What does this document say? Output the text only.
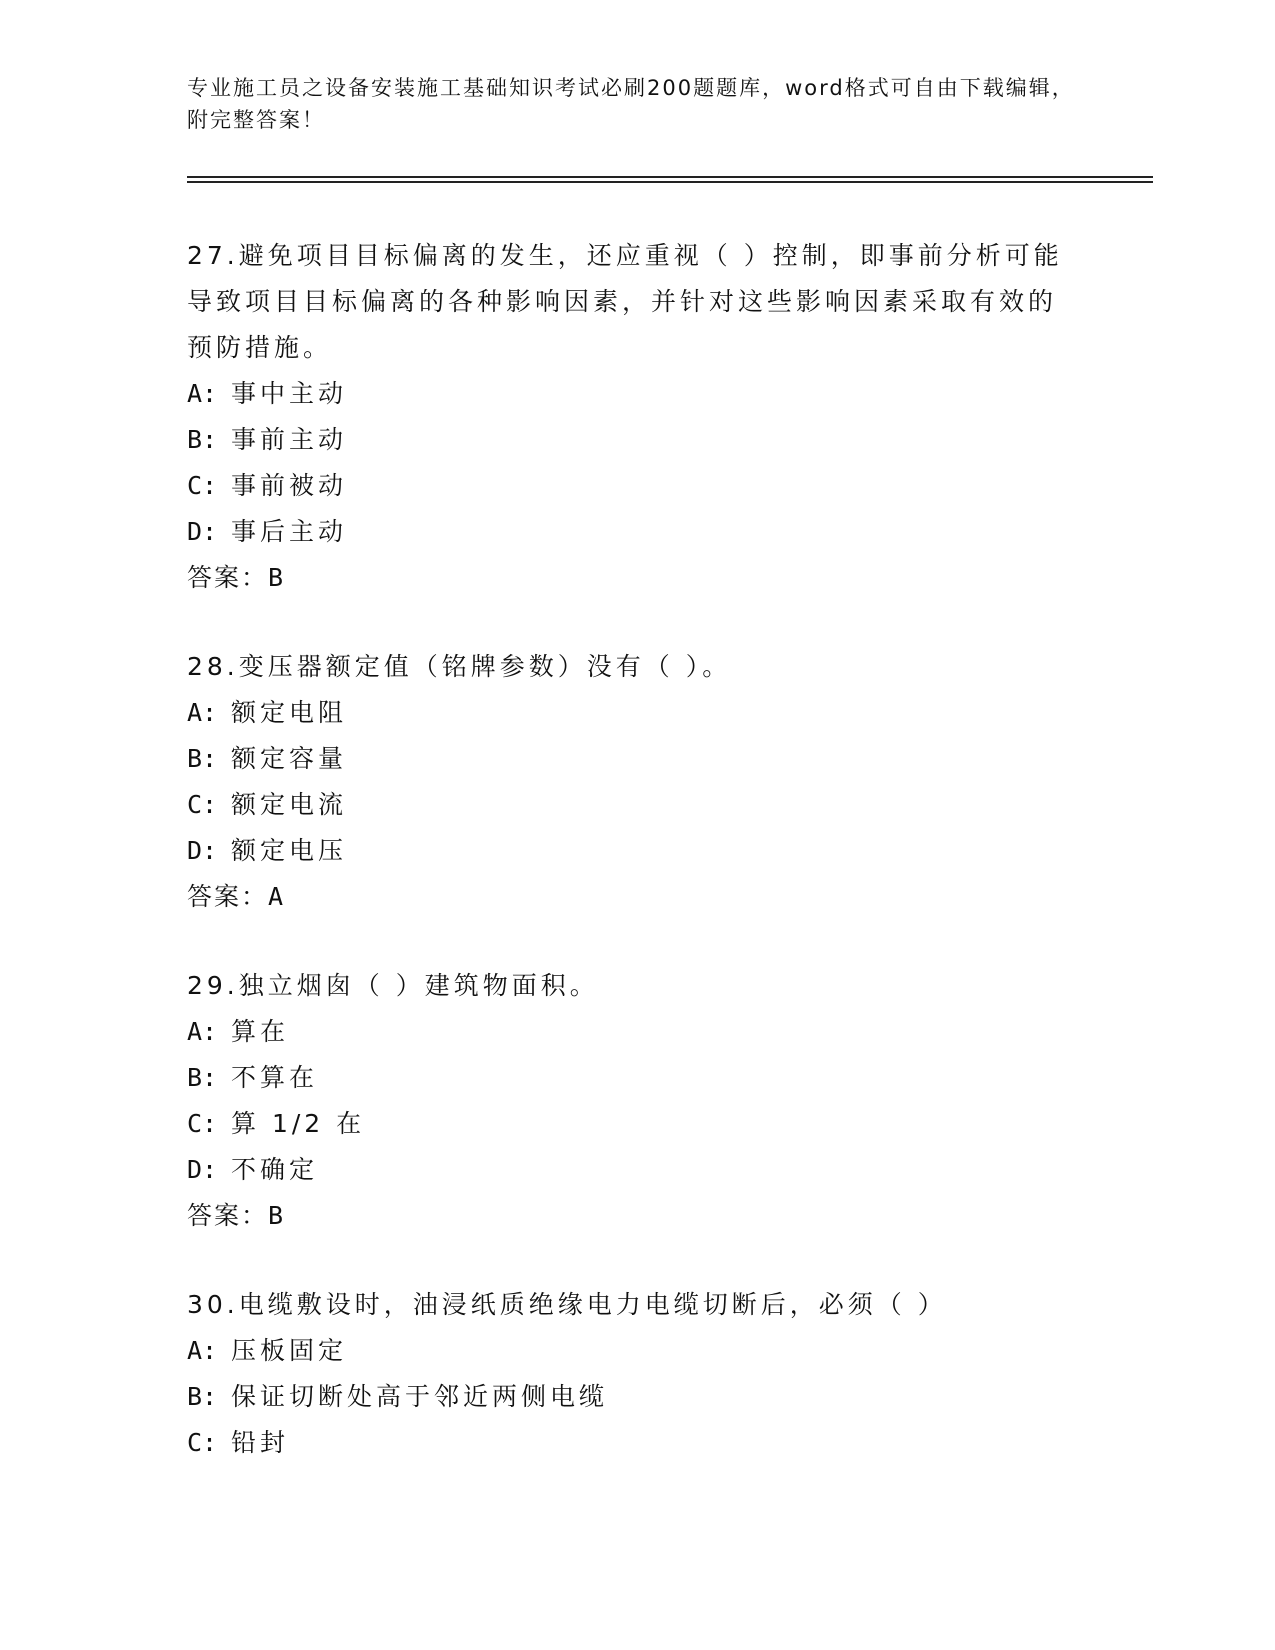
专业施工员之设备安装施工基础知识考试必刷200题题库，word格式可自由下载编辑，附完整答案！

27.避免项目目标偏离的发生，还应重视（ ）控制，即事前分析可能导致项目目标偏离的各种影响因素，并针对这些影响因素采取有效的预防措施。

A: 事中主动

B: 事前主动

C: 事前被动

D: 事后主动

答案：B

28.变压器额定值（铭牌参数）没有（ ）。

A: 额定电阻

B: 额定容量

C: 额定电流

D: 额定电压

答案：A

29.独立烟囱（ ）建筑物面积。

A: 算在

B: 不算在

C: 算 1/2 在

D: 不确定

答案：B

30.电缆敷设时，油浸纸质绝缘电力电缆切断后，必须（ ）

A: 压板固定

B: 保证切断处高于邻近两侧电缆

C: 铅封
